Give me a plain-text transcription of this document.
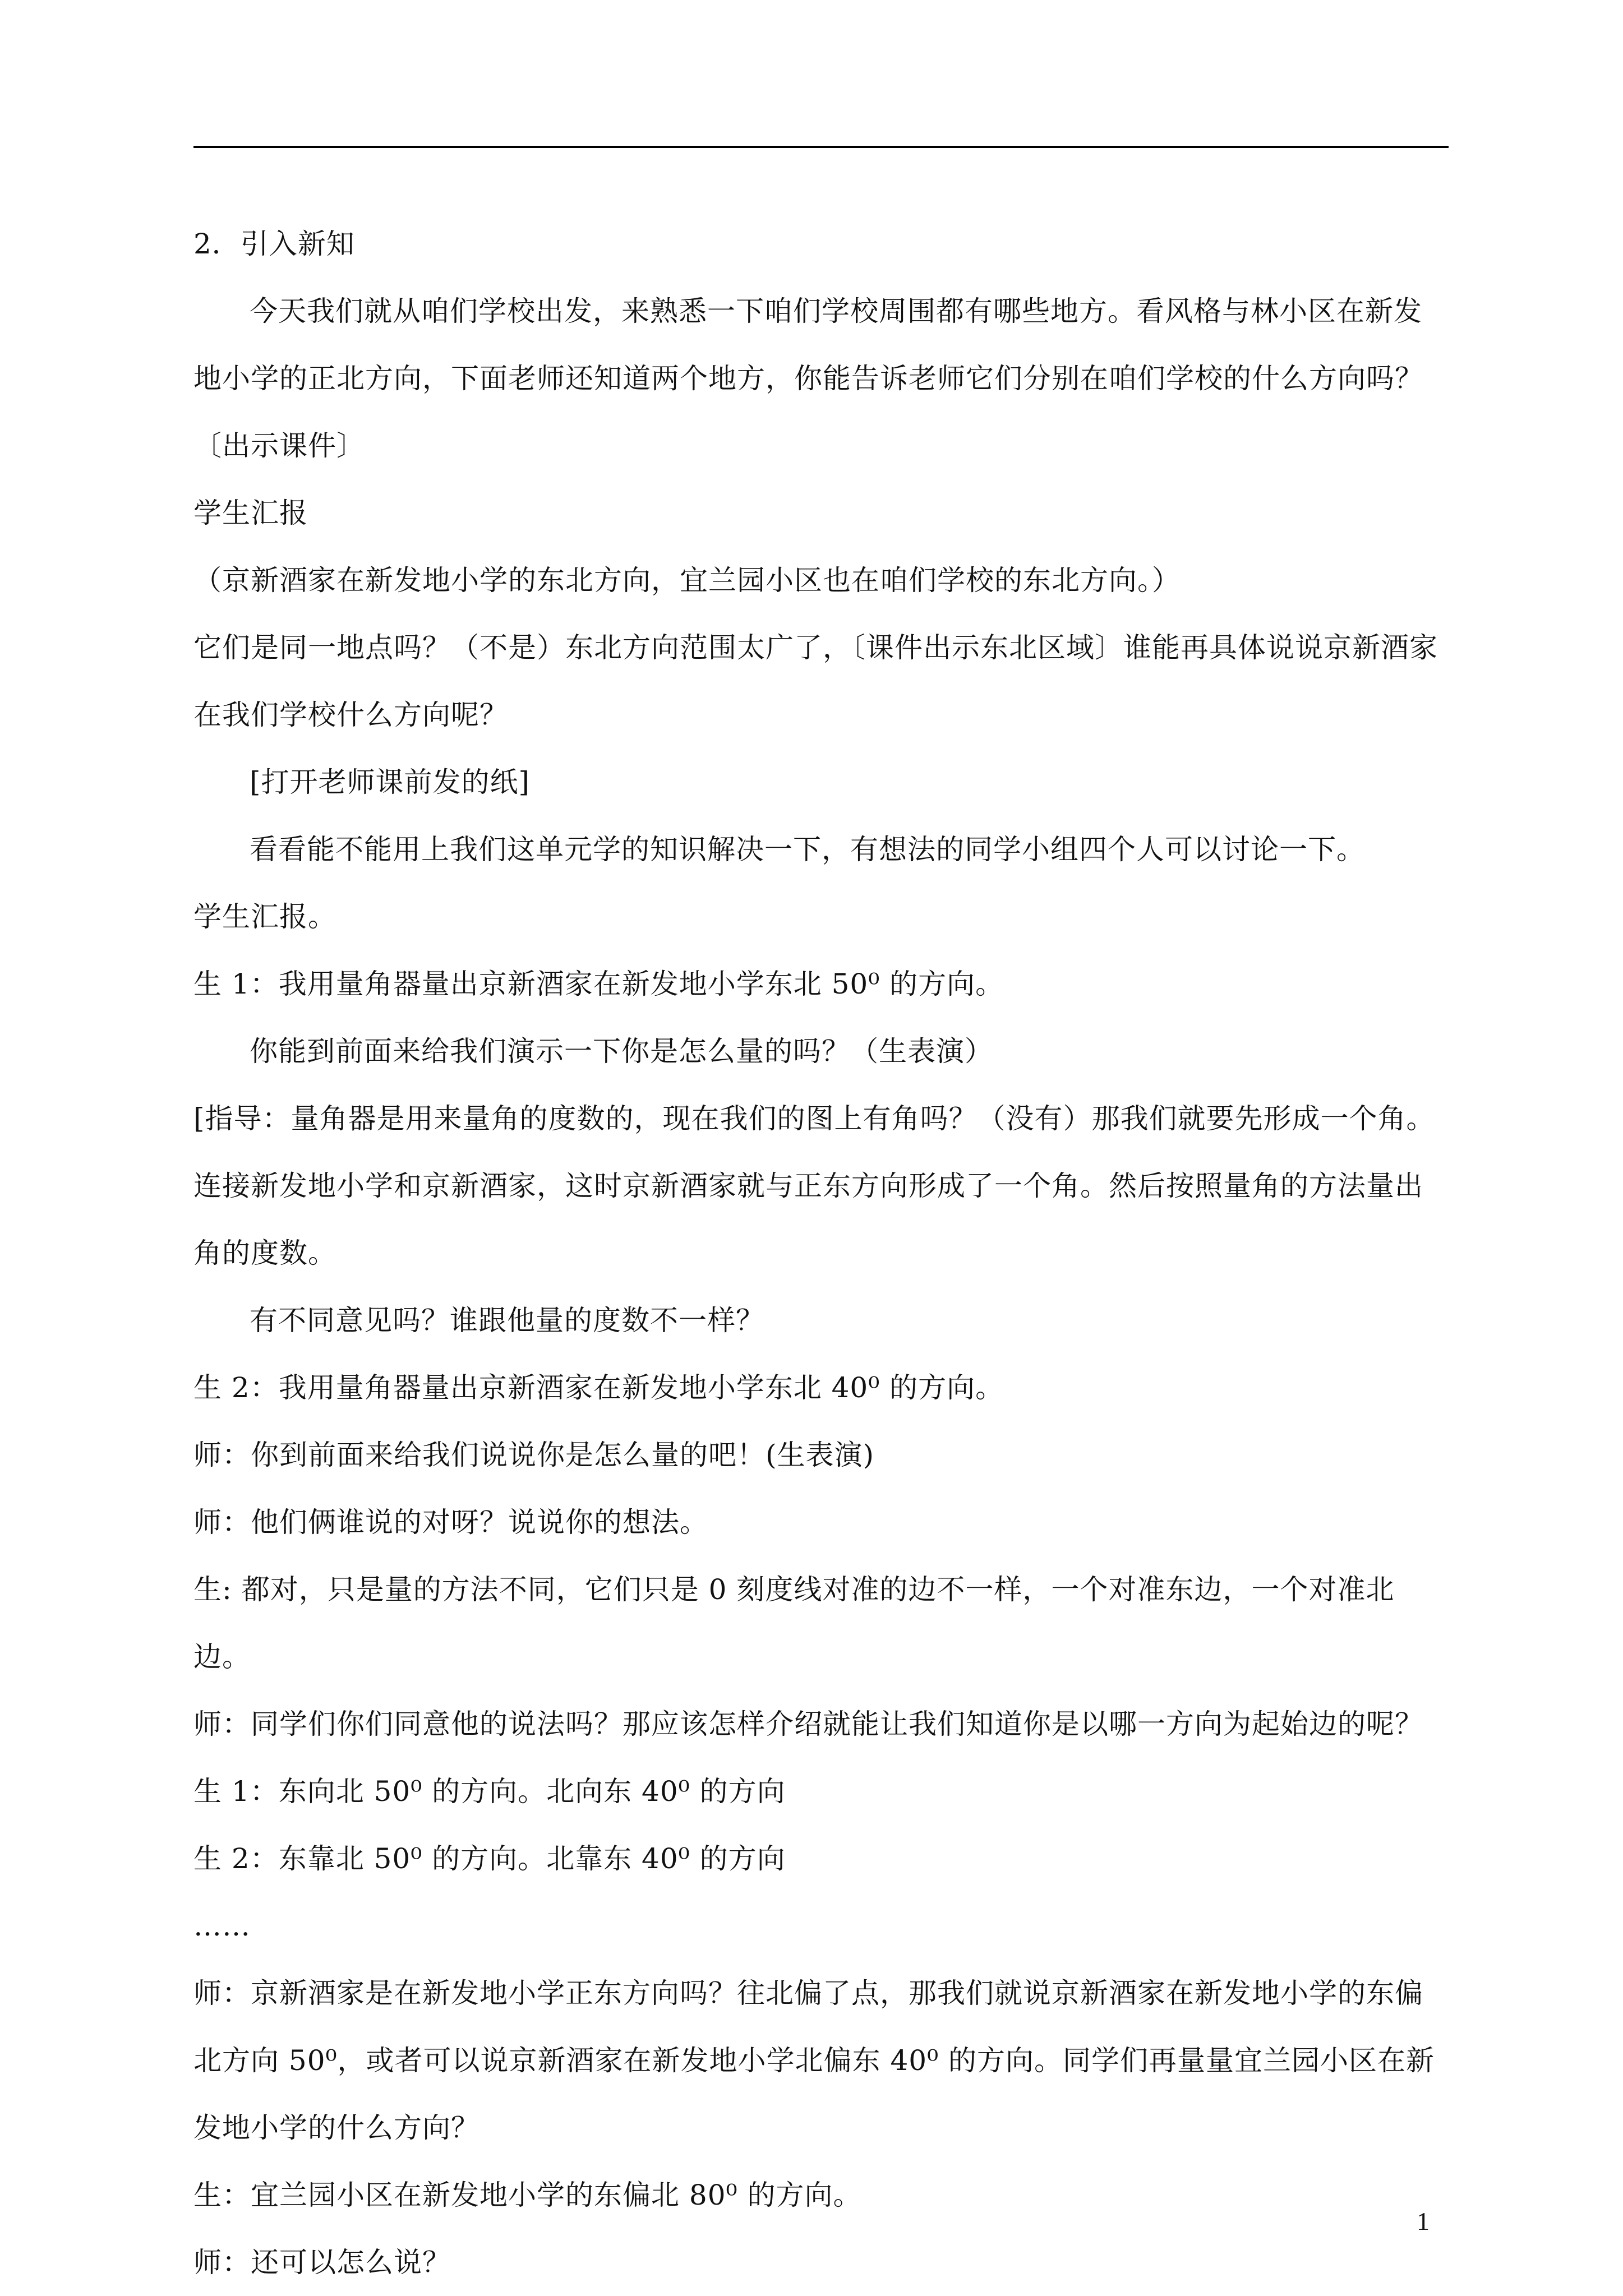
2．引入新知

今天我们就从咱们学校出发，来熟悉一下咱们学校周围都有哪些地方。看风格与林小区在新发地小学的正北方向，下面老师还知道两个地方，你能告诉老师它们分别在咱们学校的什么方向吗？

〔出示课件〕

学生汇报

（京新酒家在新发地小学的东北方向，宜兰园小区也在咱们学校的东北方向。）

它们是同一地点吗？（不是）东北方向范围太广了，〔课件出示东北区域〕谁能再具体说说京新酒家在我们学校什么方向呢？

[打开老师课前发的纸]

看看能不能用上我们这单元学的知识解决一下，有想法的同学小组四个人可以讨论一下。

学生汇报。

生 1：我用量角器量出京新酒家在新发地小学东北 50⁰ 的方向。

你能到前面来给我们演示一下你是怎么量的吗？（生表演）

[指导：量角器是用来量角的度数的，现在我们的图上有角吗？（没有）那我们就要先形成一个角。连接新发地小学和京新酒家，这时京新酒家就与正东方向形成了一个角。然后按照量角的方法量出角的度数。

有不同意见吗？谁跟他量的度数不一样？

生 2：我用量角器量出京新酒家在新发地小学东北 40⁰ 的方向。

师：你到前面来给我们说说你是怎么量的吧！(生表演)

师：他们俩谁说的对呀？说说你的想法。

生: 都对，只是量的方法不同，它们只是 0 刻度线对准的边不一样，一个对准东边，一个对准北边。

师：同学们你们同意他的说法吗？那应该怎样介绍就能让我们知道你是以哪一方向为起始边的呢？

生 1：东向北 50⁰ 的方向。北向东 40⁰ 的方向

生 2：东靠北 50⁰ 的方向。北靠东 40⁰ 的方向

……

师：京新酒家是在新发地小学正东方向吗？往北偏了点，那我们就说京新酒家在新发地小学的东偏北方向 50⁰，或者可以说京新酒家在新发地小学北偏东 40⁰ 的方向。同学们再量量宜兰园小区在新发地小学的什么方向？

生：宜兰园小区在新发地小学的东偏北 80⁰ 的方向。

师：还可以怎么说？

1
